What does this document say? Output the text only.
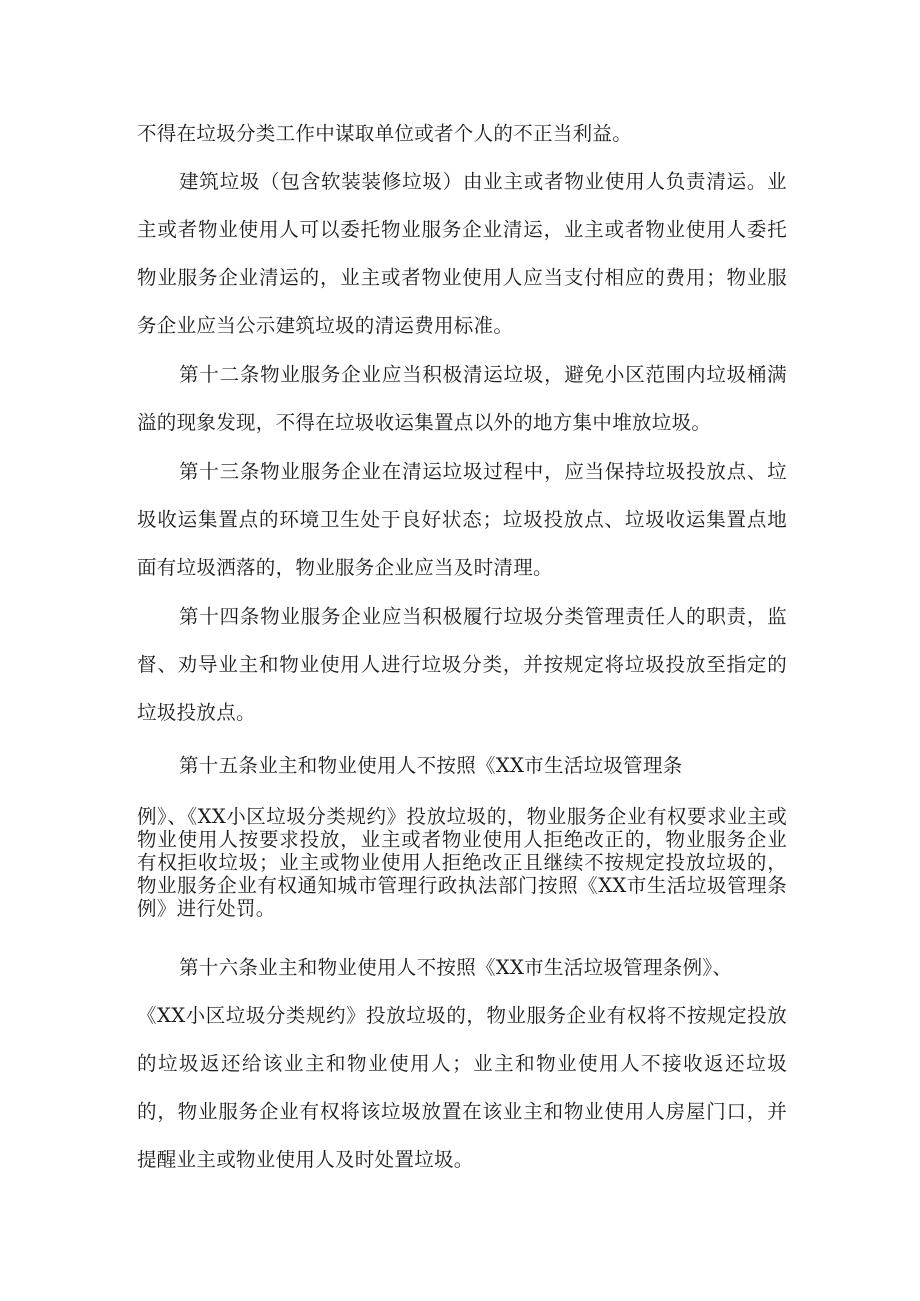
不得在垃圾分类工作中谋取单位或者个人的不正当利益。

建筑垃圾（包含软装装修垃圾）由业主或者物业使用人负责清运。业主或者物业使用人可以委托物业服务企业清运，业主或者物业使用人委托物业服务企业清运的，业主或者物业使用人应当支付相应的费用；物业服务企业应当公示建筑垃圾的清运费用标准。

第十二条物业服务企业应当积极清运垃圾，避免小区范围内垃圾桶满溢的现象发现，不得在垃圾收运集置点以外的地方集中堆放垃圾。

第十三条物业服务企业在清运垃圾过程中，应当保持垃圾投放点、垃圾收运集置点的环境卫生处于良好状态；垃圾投放点、垃圾收运集置点地面有垃圾洒落的，物业服务企业应当及时清理。

第十四条物业服务企业应当积极履行垃圾分类管理责任人的职责，监督、劝导业主和物业使用人进行垃圾分类，并按规定将垃圾投放至指定的垃圾投放点。

第十五条业主和物业使用人不按照《XX市生活垃圾管理条

例》、《XX小区垃圾分类规约》投放垃圾的，物业服务企业有权要求业主或物业使用人按要求投放，业主或者物业使用人拒绝改正的，物业服务企业有权拒收垃圾；业主或物业使用人拒绝改正且继续不按规定投放垃圾的，物业服务企业有权通知城市管理行政执法部门按照《XX市生活垃圾管理条例》进行处罚。

第十六条业主和物业使用人不按照《XX市生活垃圾管理条例》、

《XX小区垃圾分类规约》投放垃圾的，物业服务企业有权将不按规定投放的垃圾返还给该业主和物业使用人；业主和物业使用人不接收返还垃圾的，物业服务企业有权将该垃圾放置在该业主和物业使用人房屋门口，并提醒业主或物业使用人及时处置垃圾。
